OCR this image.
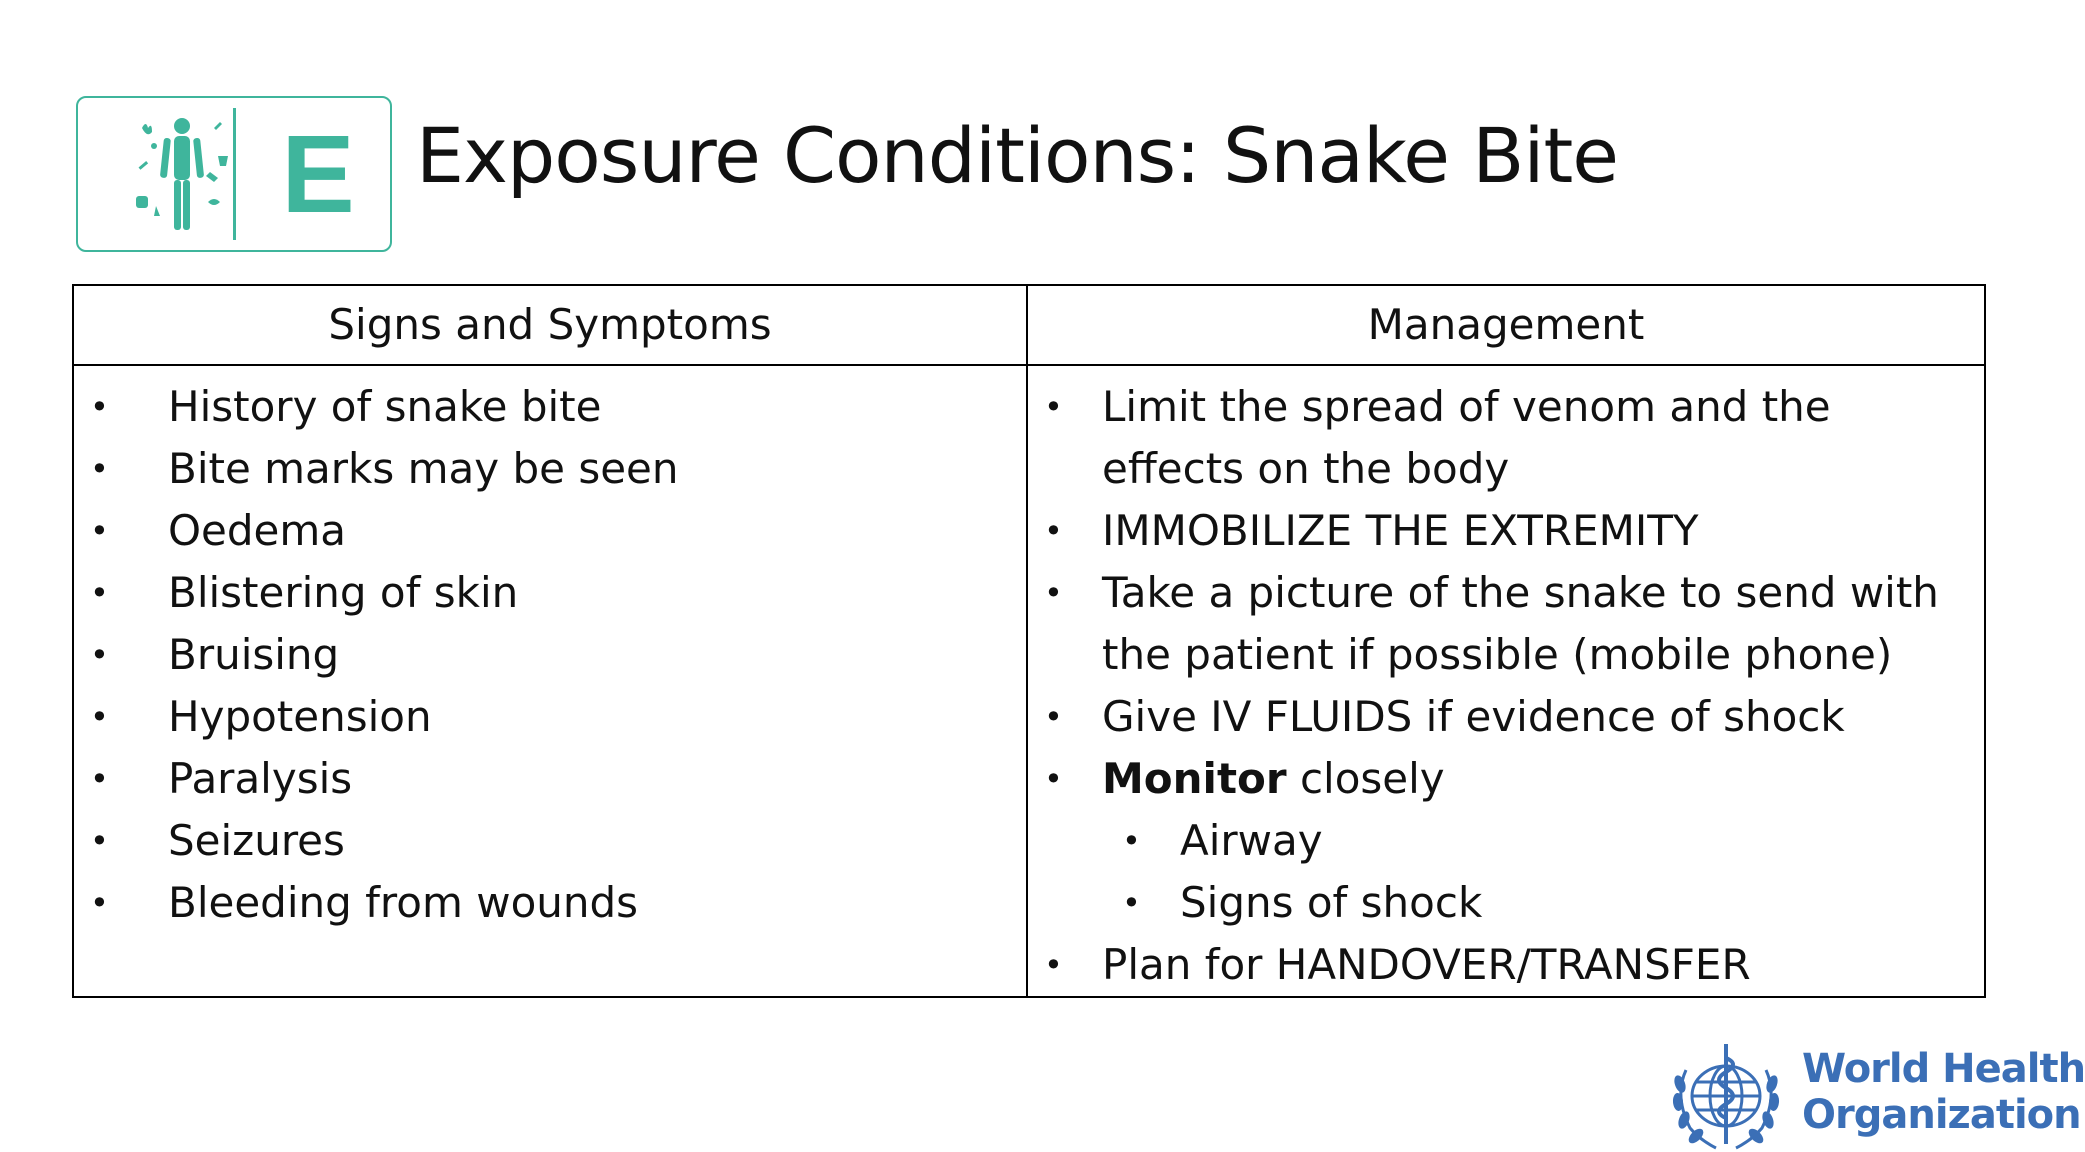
E Exposure Conditions: Snake Bite
Signs and Symptoms	Management
• History of snake bite
• Bite marks may be seen
• Oedema
• Blistering of skin
• Bruising
• Hypotension
• Paralysis
• Seizures
• Bleeding from wounds
• Limit the spread of venom and the effects on the body
• IMMOBILIZE THE EXTREMITY
• Take a picture of the snake to send with the patient if possible (mobile phone)
• Give IV FLUIDS if evidence of shock
• Monitor closely
• Airway
• Signs of shock
• Plan for HANDOVER/TRANSFER
World Health
Organization
